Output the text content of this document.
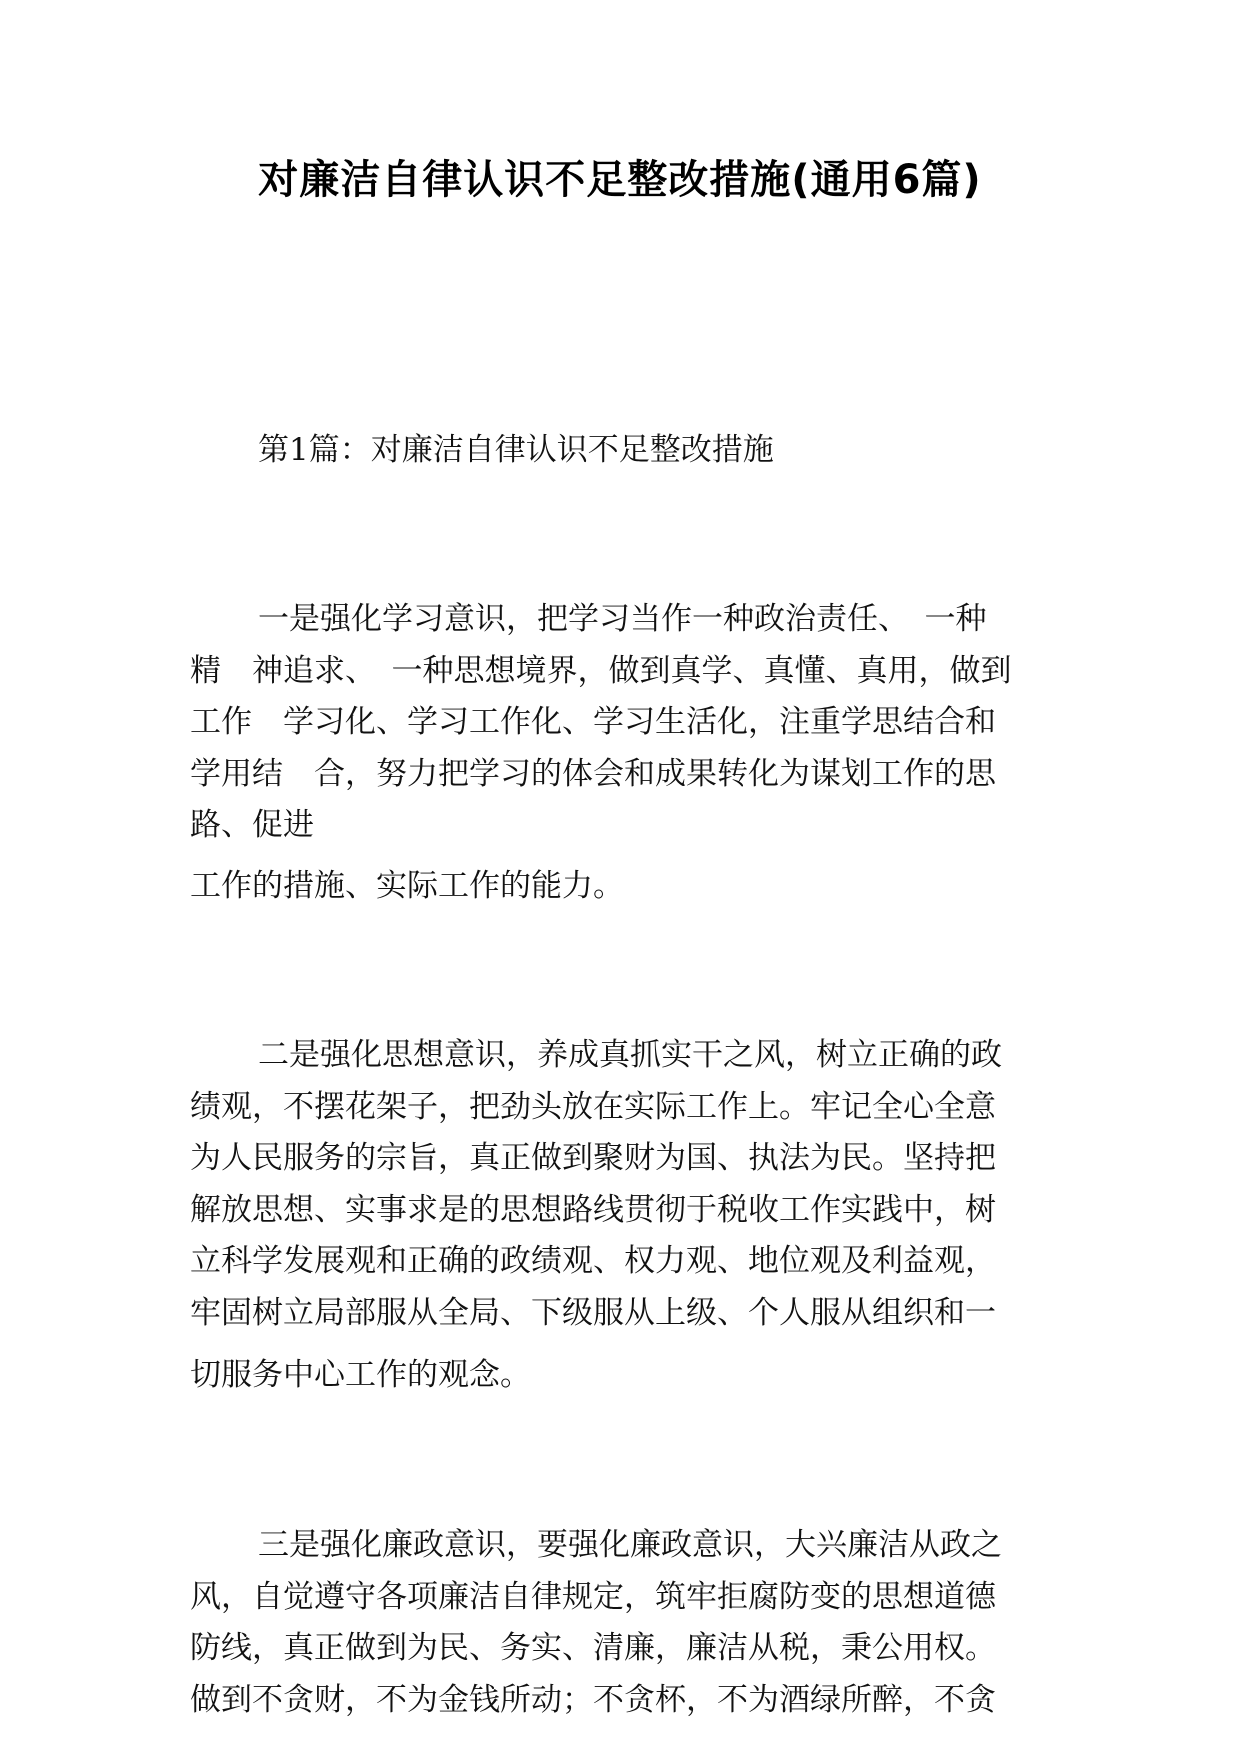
对廉洁自律认识不足整改措施(通用6篇)
第1篇：对廉洁自律认识不足整改措施

一是强化学习意识，把学习当作一种政治责任、　一种

精　神追求、　一种思想境界，做到真学、真懂、真用，做到

工作　学习化、学习工作化、学习生活化，注重学思结合和

学用结　合，努力把学习的体会和成果转化为谋划工作的思

路、促进

工作的措施、实际工作的能力。

二是强化思想意识，养成真抓实干之风，树立正确的政

绩观，不摆花架子，把劲头放在实际工作上。牢记全心全意

为人民服务的宗旨，真正做到聚财为国、执法为民。坚持把

解放思想、实事求是的思想路线贯彻于税收工作实践中，树

立科学发展观和正确的政绩观、权力观、地位观及利益观，

牢固树立局部服从全局、下级服从上级、个人服从组织和一

切服务中心工作的观念。

三是强化廉政意识，要强化廉政意识，大兴廉洁从政之

风，自觉遵守各项廉洁自律规定，筑牢拒腐防变的思想道德

防线，真正做到为民、务实、清廉，廉洁从税，秉公用权。

做到不贪财，不为金钱所动；不贪杯，不为酒绿所醉，不贪
